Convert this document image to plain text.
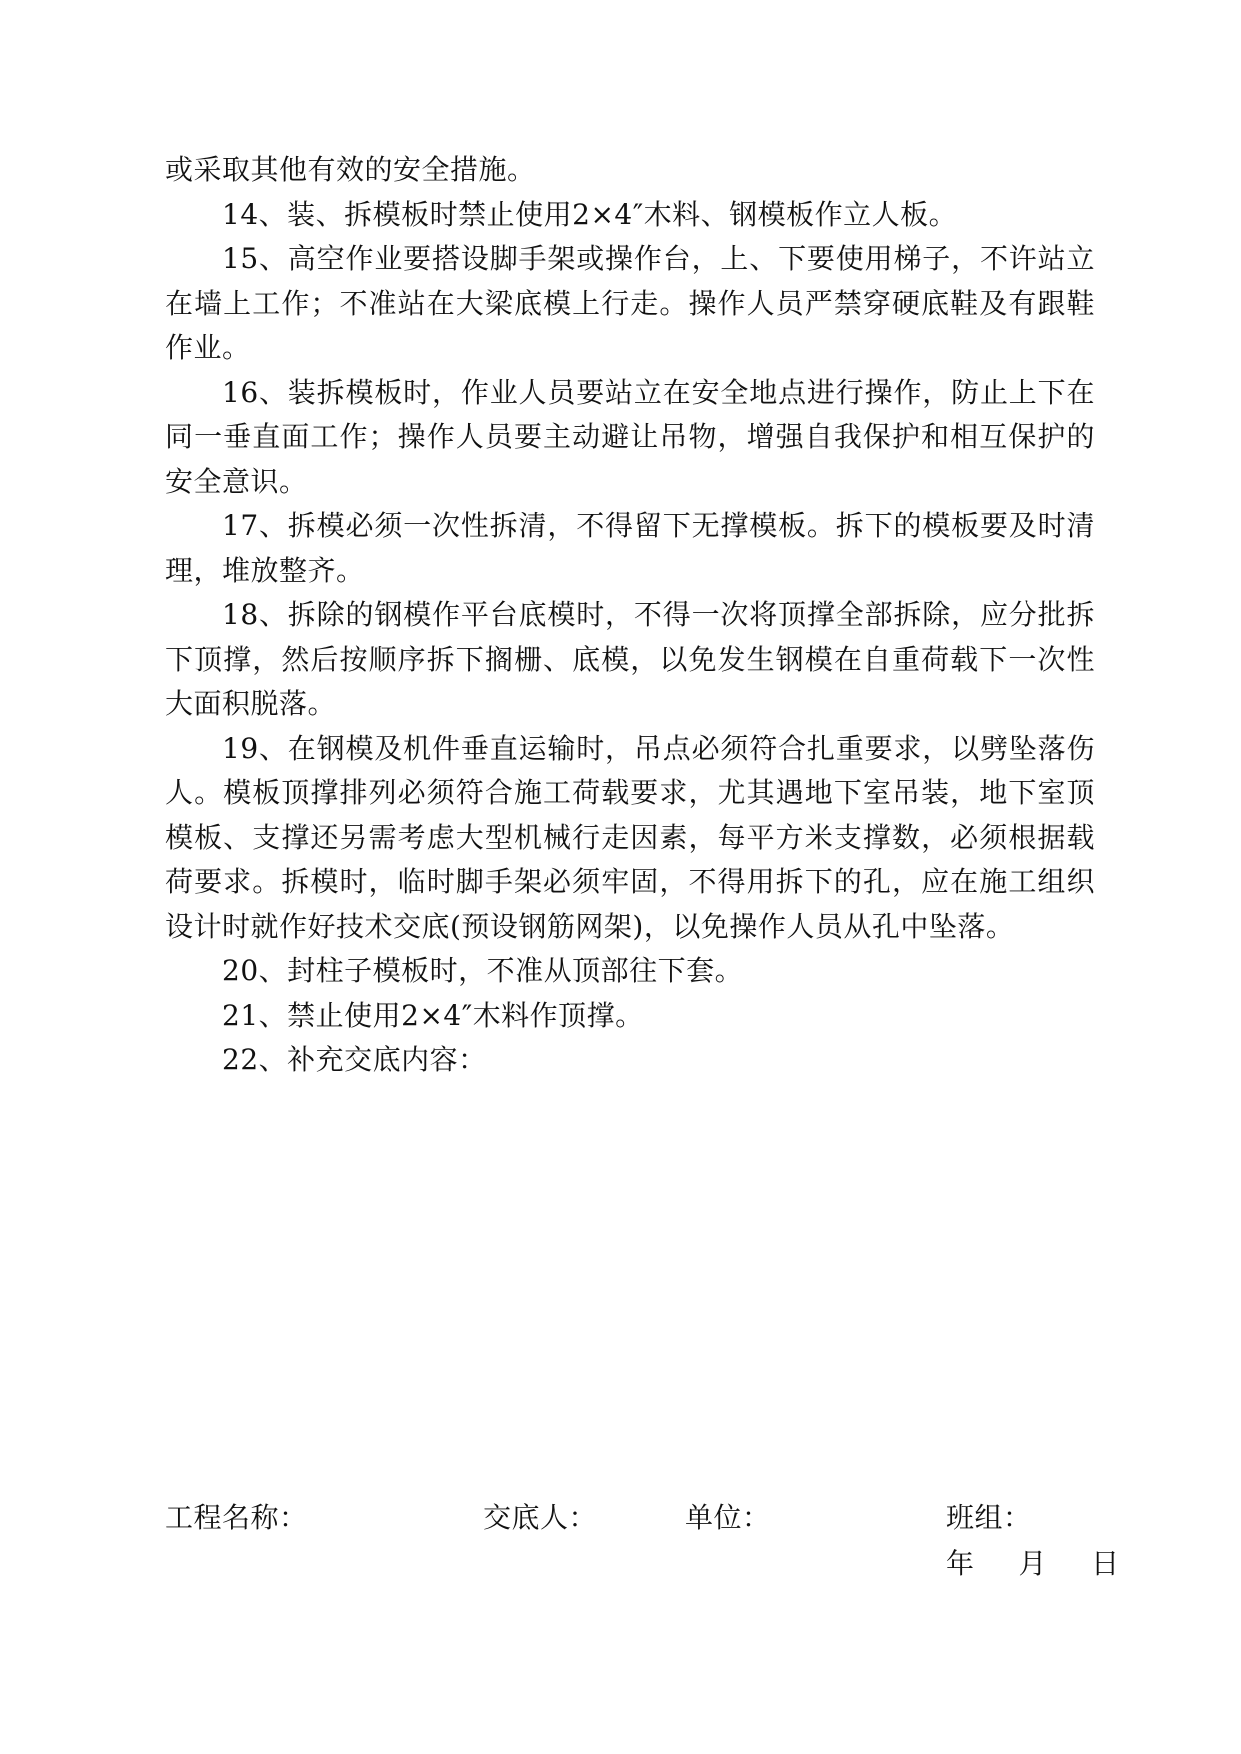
或采取其他有效的安全措施。

14、装、拆模板时禁止使用2×4″木料、钢模板作立人板。

15、高空作业要搭设脚手架或操作台，上、下要使用梯子，不许站立在墙上工作；不准站在大梁底模上行走。操作人员严禁穿硬底鞋及有跟鞋作业。

16、装拆模板时，作业人员要站立在安全地点进行操作，防止上下在同一垂直面工作；操作人员要主动避让吊物，增强自我保护和相互保护的安全意识。

17、拆模必须一次性拆清，不得留下无撑模板。拆下的模板要及时清理，堆放整齐。

18、拆除的钢模作平台底模时，不得一次将顶撑全部拆除，应分批拆下顶撑，然后按顺序拆下搁栅、底模，以免发生钢模在自重荷载下一次性大面积脱落。

19、在钢模及机件垂直运输时，吊点必须符合扎重要求，以劈坠落伤人。模板顶撑排列必须符合施工荷载要求，尤其遇地下室吊装，地下室顶模板、支撑还另需考虑大型机械行走因素，每平方米支撑数，必须根据载荷要求。拆模时，临时脚手架必须牢固，不得用拆下的孔，应在施工组织设计时就作好技术交底(预设钢筋网架)，以免操作人员从孔中坠落。

20、封柱子模板时，不准从顶部往下套。

21、禁止使用2×4″木料作顶撑。

22、补充交底内容：

工程名称：	交底人：	单位：	班组：
年 月 日
